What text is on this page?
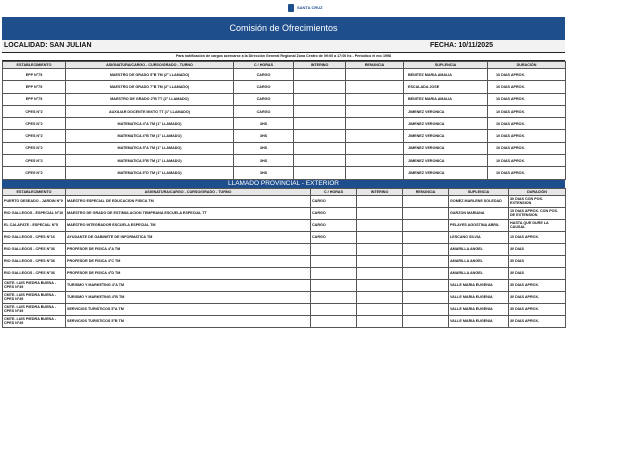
SANTA CRUZ
Comisión de Ofrecimientos
LOCALIDAD: SAN JULIAN	FECHA: 10/11/2025
Para notificación de cargos acercarse a la Dirección General Regional Zona Centro de 09:00 a 17:00 hs - Periodico el ecc 1998
ESTABLECIMIENTO	ASIGNATURA/CARGO - CURSO/GRADO - TURNO	C / HORAS	INTERINO	RENUNCIA	SUPLENCIA	DURACIÓN
EPP N°75	MAESTRO DE GRADO 5°B TM (2° LLAMADO)	CARGO			BENITEZ MARIA AMALIA	10 DIAS APROX.
EPP N°75	MAESTRO DE GRADO 7°B TM (2° LLAMADO)	CARGO			ESCALADA JOSE	10 DIAS APROX.
EPP N°75	MAESTRO DE GRADO 2°B TT (2° LLAMADO)	CARGO			BENITEZ MARIA AMALIA	10 DIAS APROX.
CPES N°2	AUXILIAR DOCENTE MIXTO TT (1° LLAMADO)	CARGO			JIMENEZ VERONICA	10 DIAS APROX.
CPES N°2	MATEMATICA 4°A TM (1° LLAMADO)	3HS			JIMENEZ VERONICA	10 DIAS APROX.
CPES N°2	MATEMATICA 4°B TM (1° LLAMADO)	3HS			JIMENEZ VERONICA	10 DIAS APROX.
CPES N°2	MATEMATICA 5°A TM (1° LLAMADO)	3HS			JIMENEZ VERONICA	10 DIAS APROX.
CPES N°2	MATEMATICA 5°B TM (1° LLAMADO)	3HS			JIMENEZ VERONICA	10 DIAS APROX.
CPES N°2	MATEMATICA 5°D TM (1° LLAMADO)	3HS			JIMENEZ VERONICA	10 DIAS APROX.
LLAMADO PROVINCIAL - EXTERIOR
ESTABLECIMIENTO	ASIGNATURA/CARGO - CURSO/GRADO - TURNO	C / HORAS	INTERINO	RENUNCIA	SUPLENCIA	DURACIÓN
PUERTO DESEADO - JARDIN N°9	MAESTRO ESPECIAL DE EDUCACION FISICA TM	CARGO			GOMEZ MARLENE SOLEDAD	30 DIAS CON POS. EXTENSION
RIO GALLEGOS - ESPECIAL N°10	MAESTRO DE GRADO DE ESTIMULACION TEMPRANA ESCUELA ESPECIAL TT	CARGO			GARZON MARIANA	10 DIAS APROX. CON POS. DE EXTENSION
EL CALAFATE - ESPECIAL N°5	MAESTRO INTEGRADOR ESCUELA ESPECIAL TM	CARGO			PELAYES AGOSTINA ABRIL	HASTA QUE DURE LA CAUSAL
RIO GALLEGOS - CPES N°16	AYUDANTE DE GABINETE DE INFORMATICA TM	CARGO			LESCANO SILVIA	10 DIAS APROX.
RIO GALLEGOS - CPES N°36	PROFESOR DE FISICA 4°A TM				AMARILLA ANGEL	30 DIAS
RIO GALLEGOS - CPES N°36	PROFESOR DE FISICA 4°C TM				AMARILLA ANGEL	30 DIAS
RIO GALLEGOS - CPES N°36	PROFESOR DE FISICA 4°D TM				AMARILLA ANGEL	30 DIAS
CMTE. LUIS PIEDRA BUENA - CPES N°49	TURISMO Y MARKETING 4°A TM				VALLE MARIA EUGENIA	30 DIAS APROX.
CMTE. LUIS PIEDRA BUENA - CPES N°49	TURISMO Y MARKETING 4°B TM				VALLE MARIA EUGENIA	30 DIAS APROX.
CMTE. LUIS PIEDRA BUENA - CPES N°49	SERVICIOS TURISTICOS 5°A TM				VALLE MARIA EUGENIA	30 DIAS APROX.
CMTE. LUIS PIEDRA BUENA - CPES N°49	SERVICIOS TURISTICOS 5°B TM				VALLE MARIA EUGENIA	30 DIAS APROX.
